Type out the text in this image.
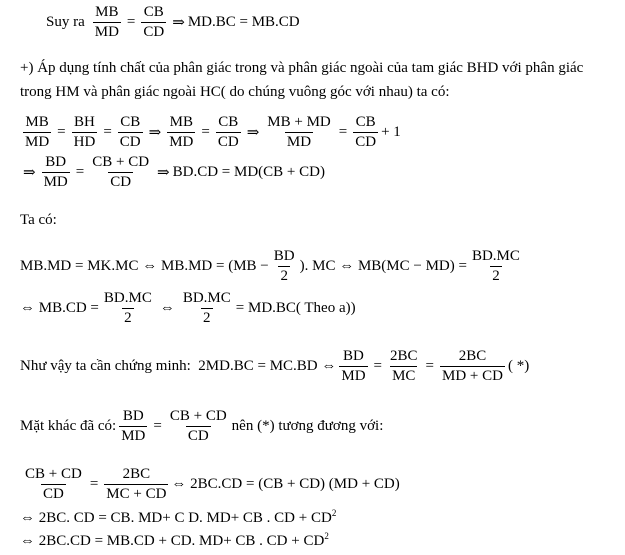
Suy ra $\frac{MB}{MD} = \frac{CB}{CD}$ ⇒ MD.BC = MB.CD
+) Áp dụng tính chất của phân giác trong và phân giác ngoài của tam giác BHD với phân giác
trong HM và phân giác ngoài HC( do chúng vuông góc với nhau) ta có:
$\frac{MB}{MD} = \frac{BH}{HD} = \frac{CB}{CD}$ ⇒ $\frac{MB}{MD} = \frac{CB}{CD}$ ⇒ $\frac{MB + MD}{MD} = \frac{CB}{CD} + 1$
⇒ $\frac{BD}{MD} = \frac{CB + CD}{CD}$ ⇒ BD.CD = MD(CB + CD)
Ta có:
MB.MD = MK.MC ⇔ $MB.MD = (MB - \frac{BD}{2}$ ). MC ⇔ $MB(MC - MD) = \frac{BD.MC}{2}$
⇔ $MB.CD = \frac{BD.MC}{2}$ ⇔ $\frac{BD.MC}{2} = MD.BC$( Theo a))
Như vậy ta cần chứng minh:  2MD.BC = MC.BD ⇔ $\frac{BD}{MD} = \frac{2BC}{MC} = \frac{2BC}{MD + CD}$ ( *)
Mặt khác đã có: $\frac{BD}{MD} = \frac{CB + CD}{CD}$ nên (*) tương đương với:
$\frac{CB + CD}{CD} = \frac{2BC}{MC + CD}$ ⇔ 2BC.CD = (CB + CD) (MD + CD)
⇔ 2BC. CD = CB. MD+ C D. MD+ CB . CD + $CD^2$
⇔ 2BC.CD = MB.CD + CD. MD+ CB . CD + $CD^2$
